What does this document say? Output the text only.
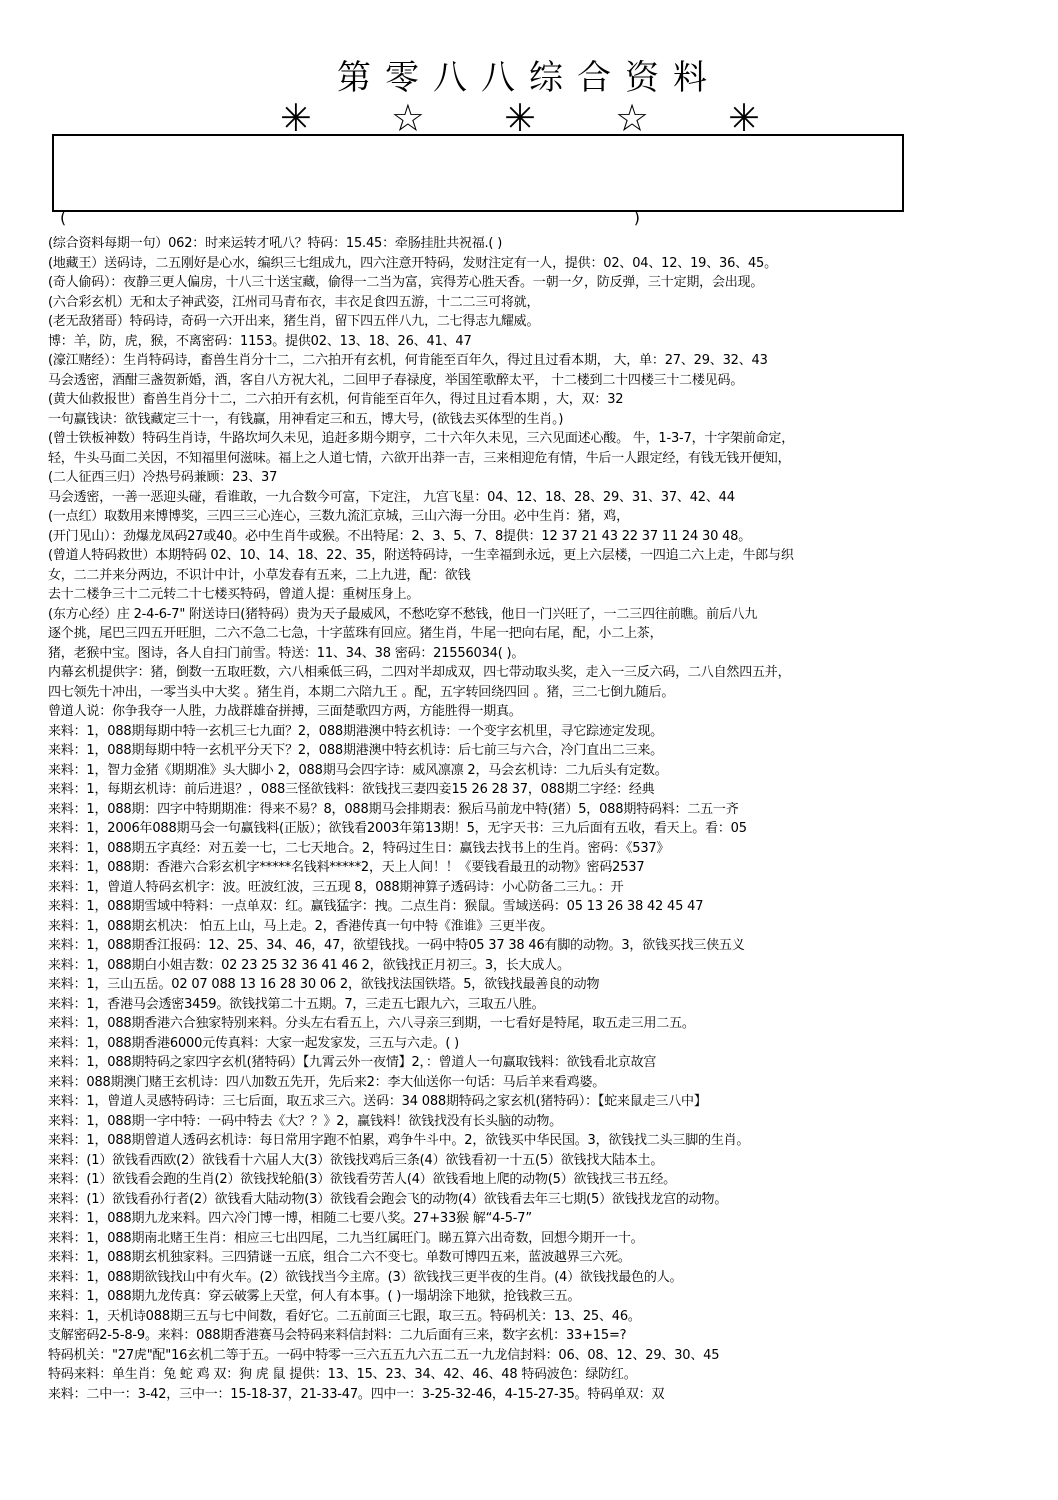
第零八八综合资料
✳ ☆ ✳ ☆ ✳
(	)
(综合资料每期一句）062：时来运转才吼八？特码：15.45：牵肠挂肚共祝福.( )
(地藏王）送码诗，二五刚好是心水，编织三七组成九，四六注意开特码，发财注定有一人，提供：02、04、12、19、36、45。
(奇人偷码）：夜静三更人偏房，十八三十送宝藏，偷得一二当为富，宾得芳心胜天香。一朝一夕，防反弹，三十定期，会出现。
(六合彩玄机）无和太子神武姿，江州司马青布衣，丰衣足食四五游，十二二三可将就，
(老无敌猪哥）特码诗，奇码一六开出来，猪生肖，留下四五伴八九，二七得志九耀威。
博：羊，防，虎，猴，不离密码：1153。提供02、13、18、26、41、47
(濠江赌经）：生肖特码诗，畜兽生肖分十二，二六拍开有玄机，何肯能至百年久，得过且过看本期， 大，单：27、29、32、43
马会透密，酒酣三盏贺新婚，酒，客自八方祝大礼，二回甲子春禄度，举国笙歌醉太平， 十二楼到二十四楼三十二楼见码。
(黄大仙救报世）畜兽生肖分十二，二六拍开有玄机，何肯能至百年久，得过且过看本期 ，大，双：32
一句赢钱诀：欲钱藏定三十一，有钱赢，用神看定三和五，博大号，(欲钱去买体型的生肖。)
(曾士铁板神数）特码生肖诗，牛路坎坷久未见，追赶多期今期亨，二十六年久未见，三六见面述心酸。 牛，1-3-7，十字架前命定，
轻，牛头马面二关因，不知福里何滋味。福上之人道七情，六欲开出莽一吉，三来相迎危有情，牛后一人跟定经，有钱无钱开便知，
(二人征西三归）冷热号码兼顾：23、37
马会透密，一善一恶迎头碰，看谁敢，一九合数今可富，下定注， 九宫飞星：04、12、18、28、29、31、37、42、44
(一点红）取数用来博博奖，三四三三心连心，三数九流汇京城，三山六海一分田。必中生肖：猪，鸡，
(开门见山）：劲爆龙凤码27或40。必中生肖牛或猴。不出特尾：2、3、5、7、8提供：12 37 21 43 22 37 11 24 30 48。
(曾道人特码救世）本期特码 02、10、14、18、22、35，附送特码诗，一生幸福到永远，更上六层楼，一四追二六上走，牛郎与织
女，二二并来分两边，不识计中计，小草发春有五来，二上九进，配：欲钱
去十二楼争三十二元转二十七楼买特码，曾道人提：重树压身上。
(东方心经）庄 2-4-6-7" 附送诗曰(猪特码）贵为天子最威风，不愁吃穿不愁钱，他日一门兴旺了，一二三四往前瞧。前后八九
逐个挑，尾巴三四五开旺胆，二六不急二七急，十字蓝珠有回应。猪生肖，牛尾一把向右尾，配，小二上茶，
猪，老猴中宝。图诗，各人自扫门前雪。特送：11、34、38 密码：21556034( )。
内幕玄机提供字：猪，倒数一五取旺数，六八相乘低三码，二四对半却成双，四七带动取头奖，走入一三反六码，二八自然四五并，
四七领先十冲出，一零当头中大奖 。猪生肖，本期二六陪九王 。配，五字转回绕四回 。猪，三二七倒九随后。
曾道人说：你争我夺一人胜，力战群雄奋拼搏，三面楚歌四方两，方能胜得一期真。
来料：1，088期每期中特一玄机三七九面？2，088期港澳中特玄机诗：一个变字玄机里，寻它踪迹定发现。
来料：1，088期每期中特一玄机平分天下？2，088期港澳中特玄机诗：后七前三与六合，冷门直出二三来。
来料：1，智力金猪《期期准》头大脚小 2，088期马会四字诗：威风凛凛 2，马会玄机诗：二九后头有定数。
来料：1，每期玄机诗：前后进退？，088三怪欲钱料：欲钱找三妻四妾15 26 28 37，088期二字经：经典
来料：1，088期：四字中特期期准：得来不易？8，088期马会排期表：猴后马前龙中特(猪）5，088期特码料：二五一齐
来料：1，2006年088期马会一句赢钱料(正版）；欲钱看2003年第13期！5，无字天书：三九后面有五收，看天上。看：05
来料：1，088期五字真经：对五姜一七，二七天地合。2，特码过生日：赢钱去找书上的生肖。密码：《537》
来料：1，088期：香港六合彩玄机字*****名钱料*****2，天上人间！！《要钱看最丑的动物》密码2537
来料：1，曾道人特码玄机字：波。旺波红波，三五现 8，088期神算子透码诗：小心防备二三九。：开
来料：1，088期雪域中特料：一点单双：红。赢钱猛字：拽。二点生肖：猴鼠。雪域送码：05 13 26 38 42 45 47
来料：1，088期玄机决： 怕五上山，马上走。2，香港传真一句中特《淮谁》三更半夜。
来料：1，088期香江报码：12、25、34、46，47，欲望钱找。一码中特05 37 38 46有脚的动物。3，欲钱买找三侠五义
来料：1，088期白小姐吉数：02 23 25 32 36 41 46 2，欲钱找正月初三。3，长大成人。
来料：1，三山五岳。02 07 088 13 16 28 30 06 2，欲钱找法国铁塔。5，欲钱找最善良的动物
来料：1，香港马会透密3459。欲钱找第二十五期。7，三走五七跟九六，三取五八胜。
来料：1，088期香港六合独家特别来料。分头左右看五上，六八寻亲三到期，一七看好是特尾，取五走三用二五。
来料：1，088期香港6000元传真料：大家一起发家发，三五与六走。( )
来料：1，088期特码之家四字玄机(猪特码）【九霄云外一夜情】2，：曾道人一句赢取钱料：欲钱看北京故宫
来料：088期澳门赌王玄机诗：四八加数五先开，先后来2：李大仙送你一句话：马后羊来看鸡婆。
来料：1，曾道人灵感特码诗：三七后面，取五求三六。送码：34 088期特码之家玄机(猪特码）：【蛇来鼠走三八中】
来料：1，088期一字中特：一码中特去《大？？》2，赢钱料！欲钱找没有长头脑的动物。
来料：1，088期曾道人透码玄机诗：每日常用字跑不怕累，鸡争牛斗中。2，欲钱买中华民国。3，欲钱找二头三脚的生肖。
来料：(1）欲钱看西欧(2）欲钱看十六届人大(3）欲钱找鸡后三条(4）欲钱看初一十五(5）欲钱找大陆本土。
来料：(1）欲钱看会跑的生肖(2）欲钱找轮船(3）欲钱看劳苦人(4）欲钱看地上爬的动物(5）欲钱找三书五经。
来料：(1）欲钱看孙行者(2）欲钱看大陆动物(3）欲钱看会跑会飞的动物(4）欲钱看去年三七期(5）欲钱找龙宫的动物。
来料：1，088期九龙来料。四六冷门博一博，相随二七要八奖。27+33猴 解“4-5-7”
来料：1，088期南北赌王生肖：相应三七出四尾，二九当红属旺门。睇五算六出奇数，回想今期开一十。
来料：1，088期玄机独家料。三四猜谜一五底，组合二六不变七。单数可博四五来，蓝波越界三六死。
来料：1，088期欲钱找山中有火车。(2）欲钱找当今主席。(3）欲钱找三更半夜的生肖。(4）欲钱找最色的人。
来料：1，088期九龙传真：穿云破雾上天堂，何人有本事。( )一塌胡涂下地狱，抢钱救三五。
来料：1，天机诗088期三五与七中间数，看好它。二五前面三七跟，取三五。特码机关：13、25、46。
支解密码2-5-8-9。来料：088期香港赛马会特码来料信封料：二九后面有三来，数字玄机：33+15=?
特码机关："27虎"配"16玄机二等于五。一码中特零一三六五五九六五二五一九龙信封料：06、08、12、29、30、45
特码来料：单生肖：兔 蛇 鸡 双：狗 虎 鼠 提供：13、15、23、34、42、46、48 特码波色：绿防红。
来料：二中一：3-42，三中一：15-18-37，21-33-47。四中一：3-25-32-46，4-15-27-35。特码单双：双
